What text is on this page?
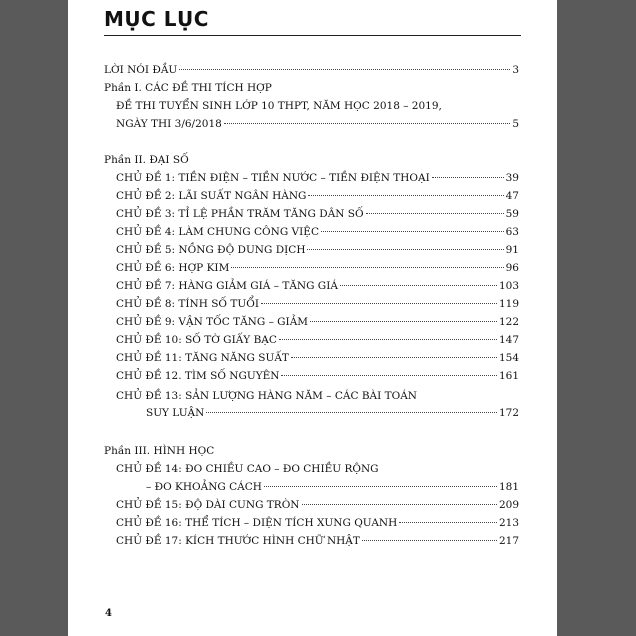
MỤC LỤC
LỜI NÓI ĐẦU	3
Phần I. CÁC ĐỀ THI TÍCH HỢP
ĐỀ THI TUYỂN SINH LỚP 10 THPT, NĂM HỌC 2018 – 2019,
NGÀY THI 3/6/2018	5
Phần II. ĐẠI SỐ
CHỦ ĐỀ 1: TIỀN ĐIỆN – TIỀN NƯỚC – TIỀN ĐIỆN THOẠI	39
CHỦ ĐỀ 2: LÃI SUẤT NGÂN HÀNG	47
CHỦ ĐỀ 3: TỈ LỆ PHẦN TRĂM TĂNG DÂN SỐ	59
CHỦ ĐỀ 4: LÀM CHUNG CÔNG VIỆC	63
CHỦ ĐỀ 5: NỒNG ĐỘ DUNG DỊCH	91
CHỦ ĐỀ 6: HỢP KIM	96
CHỦ ĐỀ 7: HÀNG GIẢM GIÁ – TĂNG GIÁ	103
CHỦ ĐỀ 8: TÍNH SỐ TUỔI	119
CHỦ ĐỀ 9: VẬN TỐC TĂNG – GIẢM	122
CHỦ ĐỀ 10: SỐ TỜ GIẤY BẠC	147
CHỦ ĐỀ 11: TĂNG NĂNG SUẤT	154
CHỦ ĐỀ 12. TÌM SỐ NGUYÊN	161
CHỦ ĐỀ 13: SẢN LƯỢNG HÀNG NĂM – CÁC BÀI TOÁN
SUY LUẬN	172
Phần III. HÌNH HỌC
CHỦ ĐỀ 14: ĐO CHIỀU CAO – ĐO CHIỀU RỘNG
– ĐO KHOẢNG CÁCH	181
CHỦ ĐỀ 15: ĐỘ DÀI CUNG TRÒN	209
CHỦ ĐỀ 16: THỂ TÍCH – DIỆN TÍCH XUNG QUANH	213
CHỦ ĐỀ 17: KÍCH THƯỚC HÌNH CHỮ NHẬT	217
4
